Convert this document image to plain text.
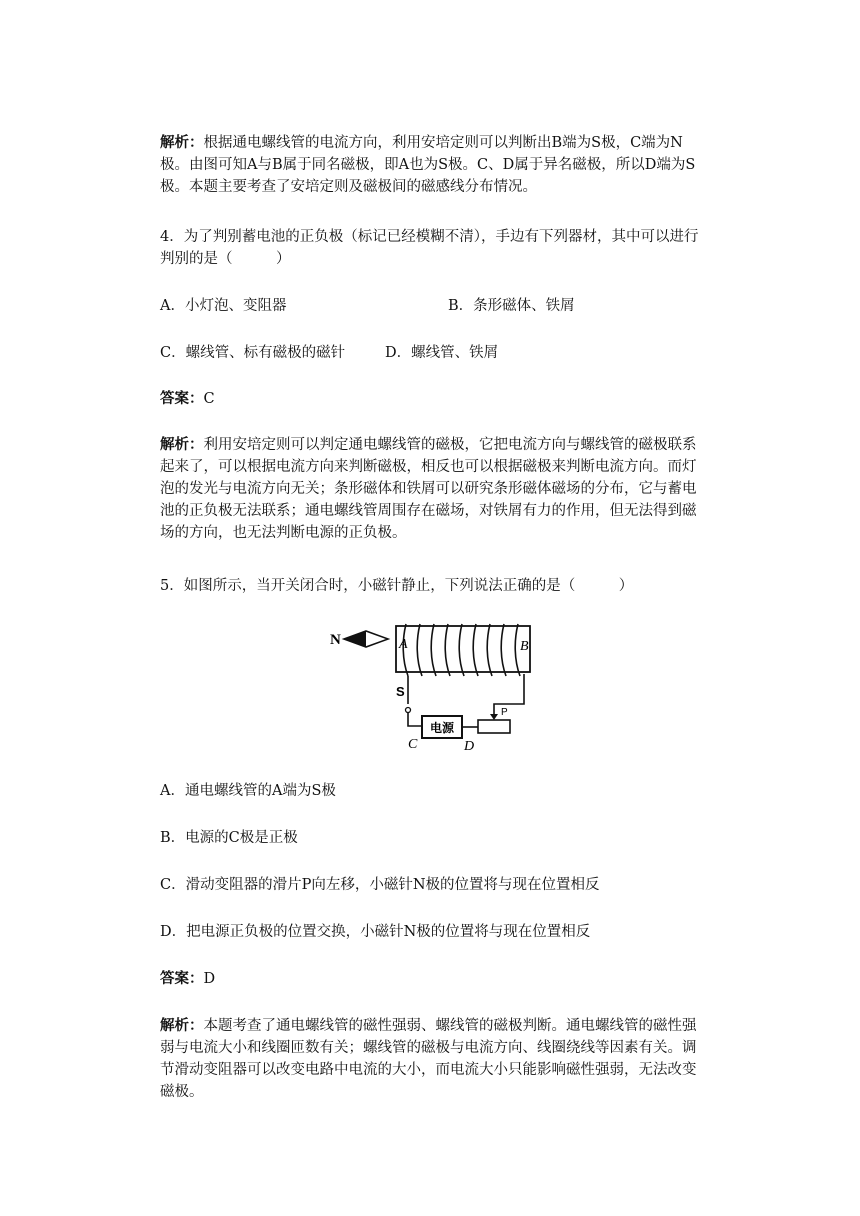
解析：根据通电螺线管的电流方向，利用安培定则可以判断出B端为S极，C端为N极。由图可知A与B属于同名磁极，即A也为S极。C、D属于异名磁极，所以D端为S极。本题主要考查了安培定则及磁极间的磁感线分布情况。
4．为了判别蓄电池的正负极（标记已经模糊不清），手边有下列器材，其中可以进行判别的是（　　　）
A．小灯泡、变阻器	B．条形磁体、铁屑
C．螺线管、标有磁极的磁针	D．螺线管、铁屑
答案：C
解析：利用安培定则可以判定通电螺线管的磁极，它把电流方向与螺线管的磁极联系起来了，可以根据电流方向来判断磁极，相反也可以根据磁极来判断电流方向。而灯泡的发光与电流方向无关；条形磁体和铁屑可以研究条形磁体磁场的分布，它与蓄电池的正负极无法联系；通电螺线管周围存在磁场，对铁屑有力的作用，但无法得到磁场的方向，也无法判断电源的正负极。
5．如图所示，当开关闭合时，小磁针静止，下列说法正确的是（　　　）
N	A	B
S
电源
C	D
P
A．通电螺线管的A端为S极
B．电源的C极是正极
C．滑动变阻器的滑片P向左移，小磁针N极的位置将与现在位置相反
D．把电源正负极的位置交换，小磁针N极的位置将与现在位置相反
答案：D
解析：本题考查了通电螺线管的磁性强弱、螺线管的磁极判断。通电螺线管的磁性强弱与电流大小和线圈匝数有关；螺线管的磁极与电流方向、线圈绕线等因素有关。调节滑动变阻器可以改变电路中电流的大小，而电流大小只能影响磁性强弱，无法改变磁极。
